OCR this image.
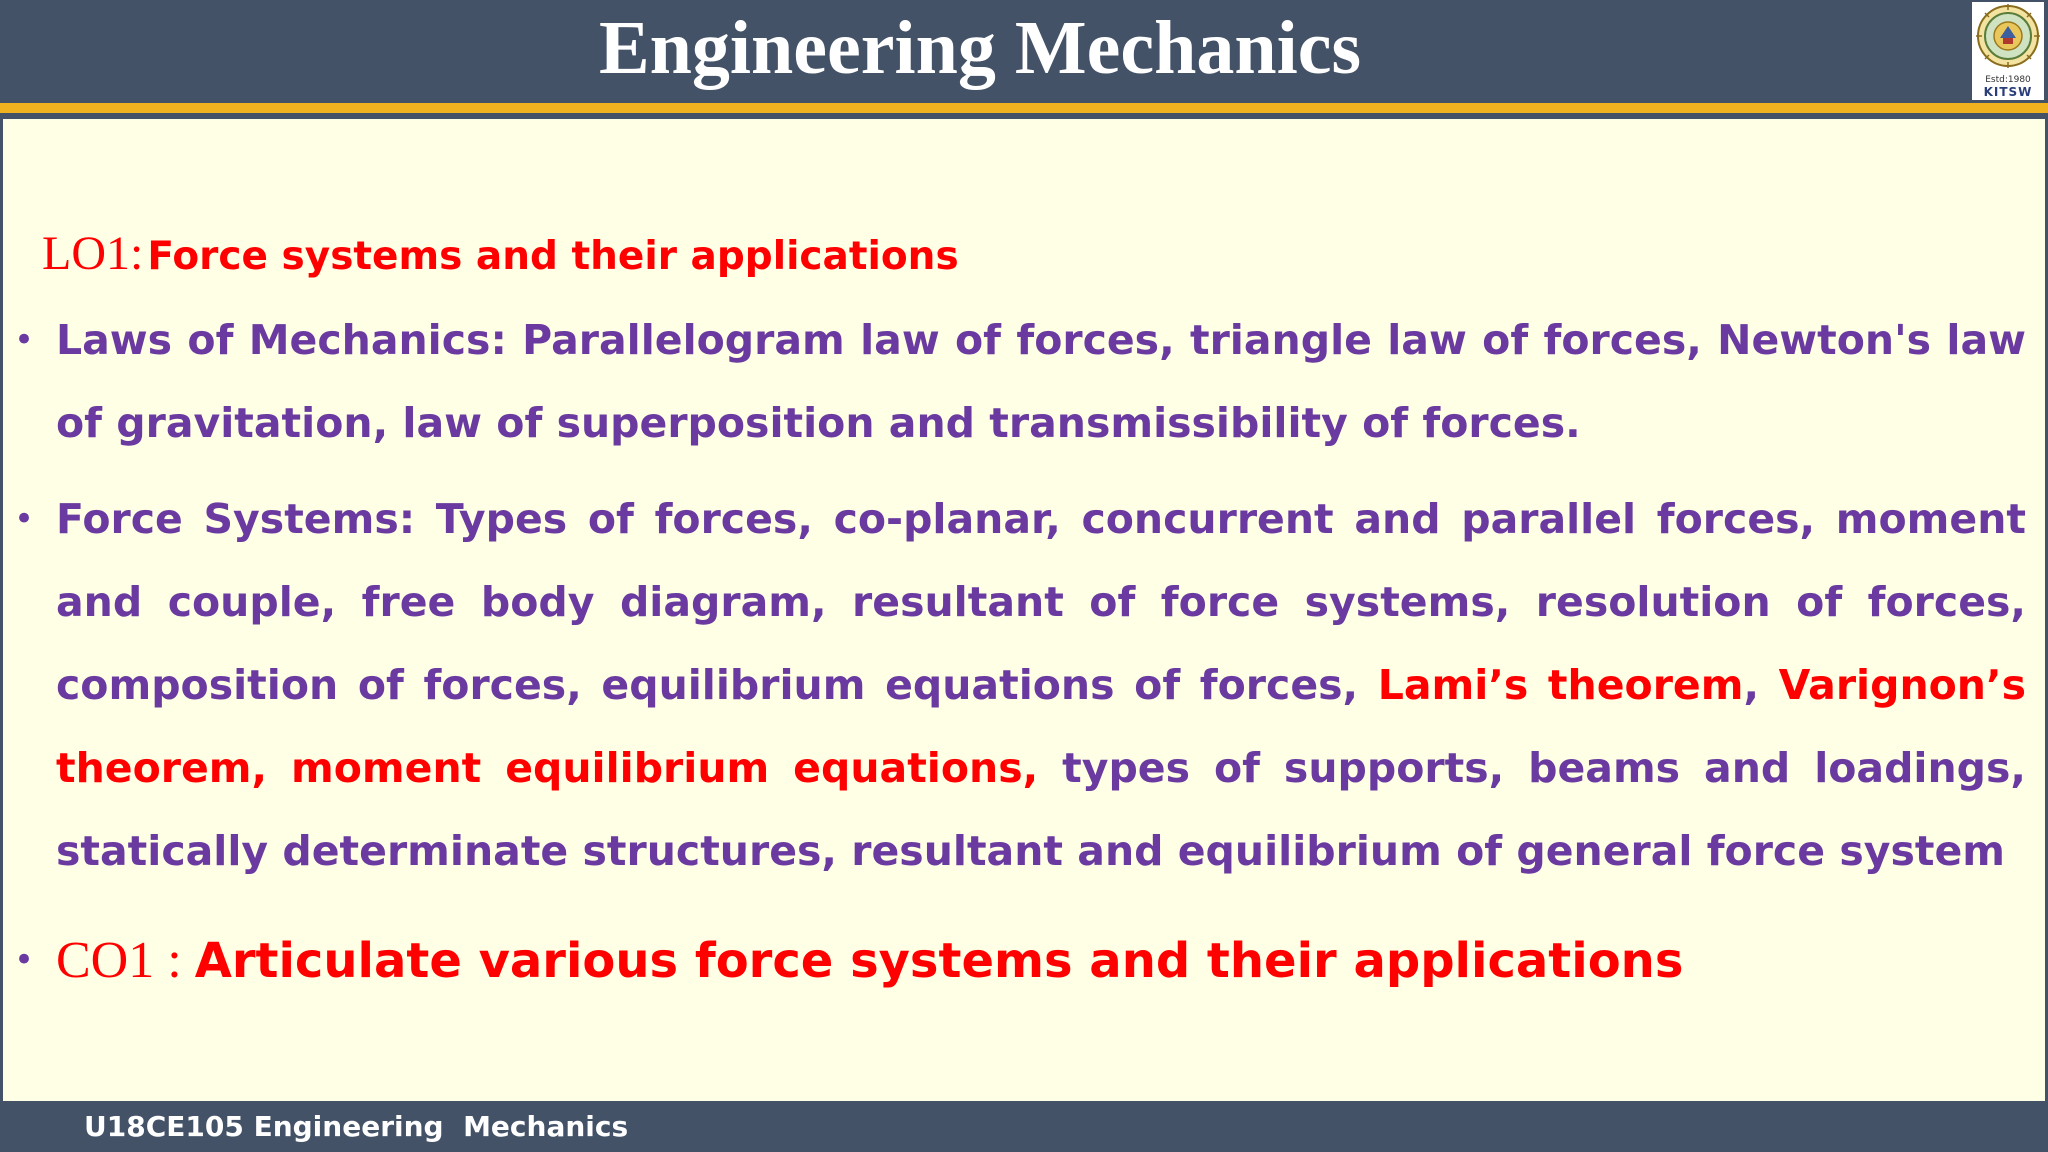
Engineering Mechanics	Estd:1980
KITSW
LO1: Force systems and their applications
• Laws of Mechanics: Parallelogram law of forces, triangle law of forces, Newton's law of gravitation, law of superposition and transmissibility of forces.
• Force Systems: Types of forces, co-planar, concurrent and parallel forces, moment and couple, free body diagram, resultant of force systems, resolution of forces, composition of forces, equilibrium equations of forces, Lami’s theorem, Varignon’s theorem, moment equilibrium equations, types of supports, beams and loadings, statically determinate structures, resultant and equilibrium of general force system
• CO1 : Articulate various force systems and their applications
U18CE105 Engineering  Mechanics
